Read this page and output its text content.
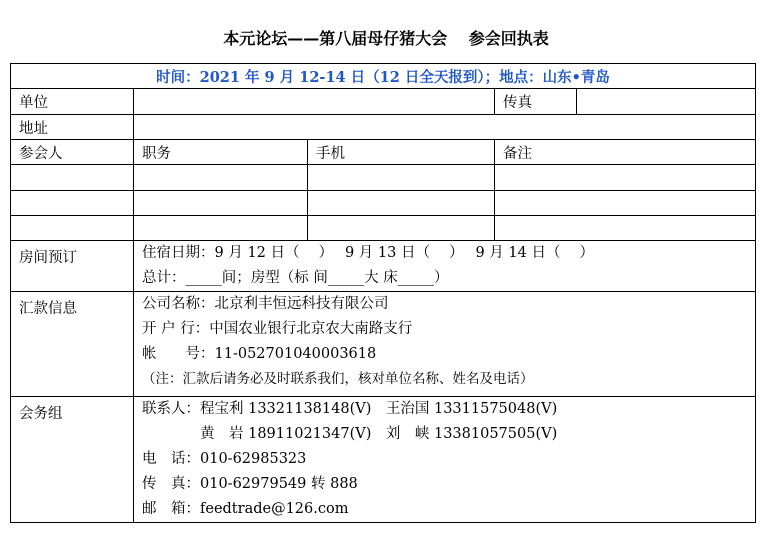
本元论坛——第八届母仔猪大会　 参会回执表
时间：2021 年 9 月 12-14 日（12 日全天报到）；地点：山东•青岛				
单位			传真	
地址				
参会人	职务	手机	备注	

房间预订	住宿日期：9 月 12 日（　 ）　 9 月 13 日（　 ）　 9 月 14 日（　 ）
总计：_____间；房型（标 间_____大 床_____）			

汇款信息	公司名称：北京利丰恒远科技有限公司
开 户 行：中国农业银行北京农大南路支行
帐　　号：11-052701040003618
（注：汇款后请务必及时联系我们，核对单位名称、姓名及电话）			

会务组	联系人：程宝利 13321138148(V)　王治国 13311575048(V)
　　　　黄　岩 18911021347(V)　刘　峡 13381057505(V)
电　话：010-62985323
传　真：010-62979549 转 888
邮　箱：feedtrade@126.com			
